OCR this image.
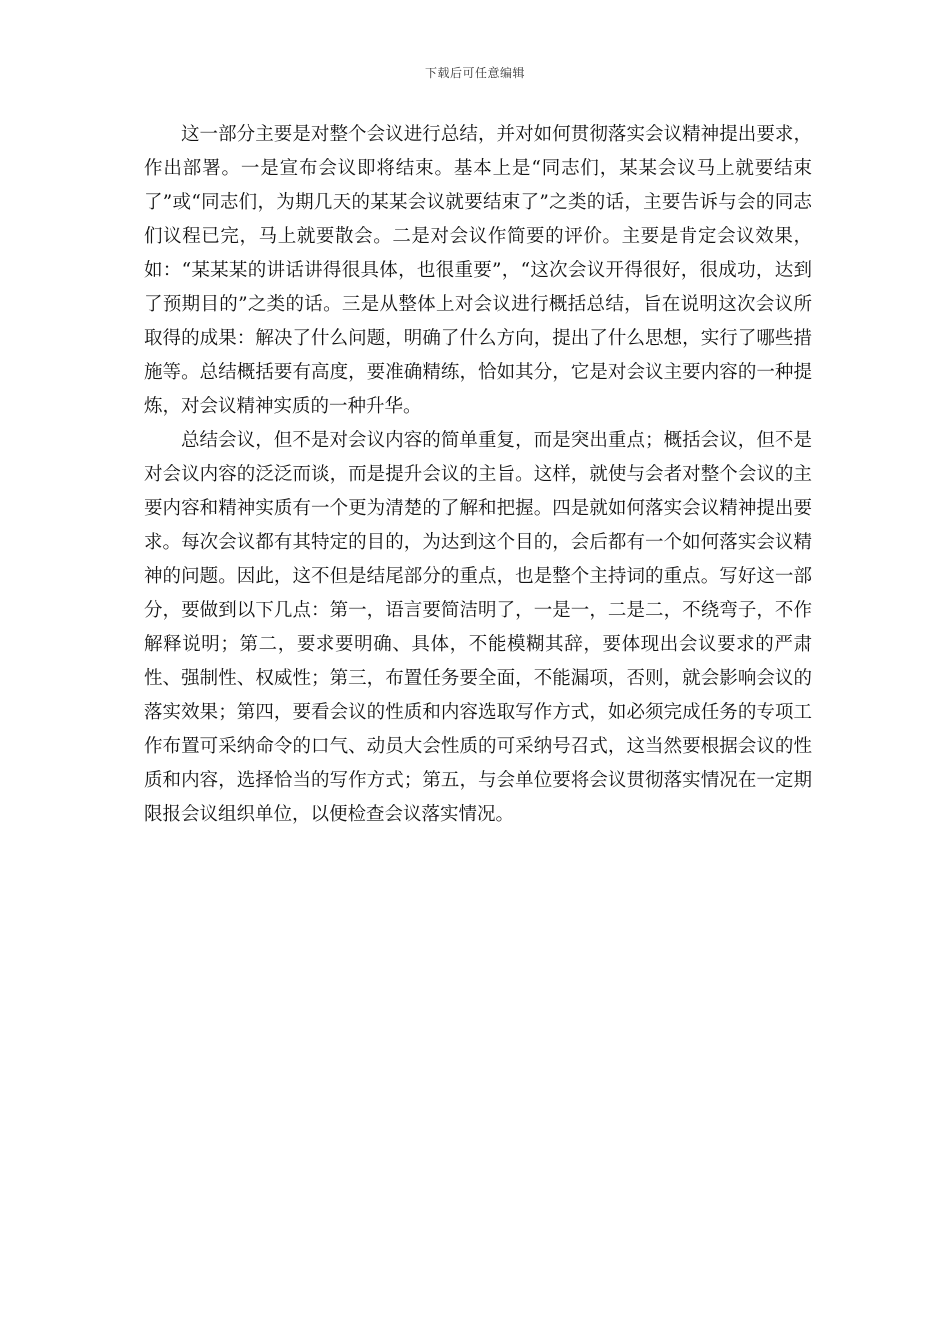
下载后可任意编辑

这一部分主要是对整个会议进行总结，并对如何贯彻落实会议精神提出要求，作出部署。一是宣布会议即将结束。基本上是“同志们，某某会议马上就要结束了”或“同志们，为期几天的某某会议就要结束了”之类的话，主要告诉与会的同志们议程已完，马上就要散会。二是对会议作简要的评价。主要是肯定会议效果，如：“某某某的讲话讲得很具体，也很重要”，“这次会议开得很好，很成功，达到了预期目的”之类的话。三是从整体上对会议进行概括总结，旨在说明这次会议所取得的成果：解决了什么问题，明确了什么方向，提出了什么思想，实行了哪些措施等。总结概括要有高度，要准确精练，恰如其分，它是对会议主要内容的一种提炼，对会议精神实质的一种升华。

总结会议，但不是对会议内容的简单重复，而是突出重点；概括会议，但不是对会议内容的泛泛而谈，而是提升会议的主旨。这样，就使与会者对整个会议的主要内容和精神实质有一个更为清楚的了解和把握。四是就如何落实会议精神提出要求。每次会议都有其特定的目的，为达到这个目的，会后都有一个如何落实会议精神的问题。因此，这不但是结尾部分的重点，也是整个主持词的重点。写好这一部分，要做到以下几点：第一，语言要简洁明了，一是一，二是二，不绕弯子，不作解释说明；第二，要求要明确、具体，不能模糊其辞，要体现出会议要求的严肃性、强制性、权威性；第三，布置任务要全面，不能漏项，否则，就会影响会议的落实效果；第四，要看会议的性质和内容选取写作方式，如必须完成任务的专项工作布置可采纳命令的口气、动员大会性质的可采纳号召式，这当然要根据会议的性质和内容，选择恰当的写作方式；第五，与会单位要将会议贯彻落实情况在一定期限报会议组织单位，以便检查会议落实情况。
